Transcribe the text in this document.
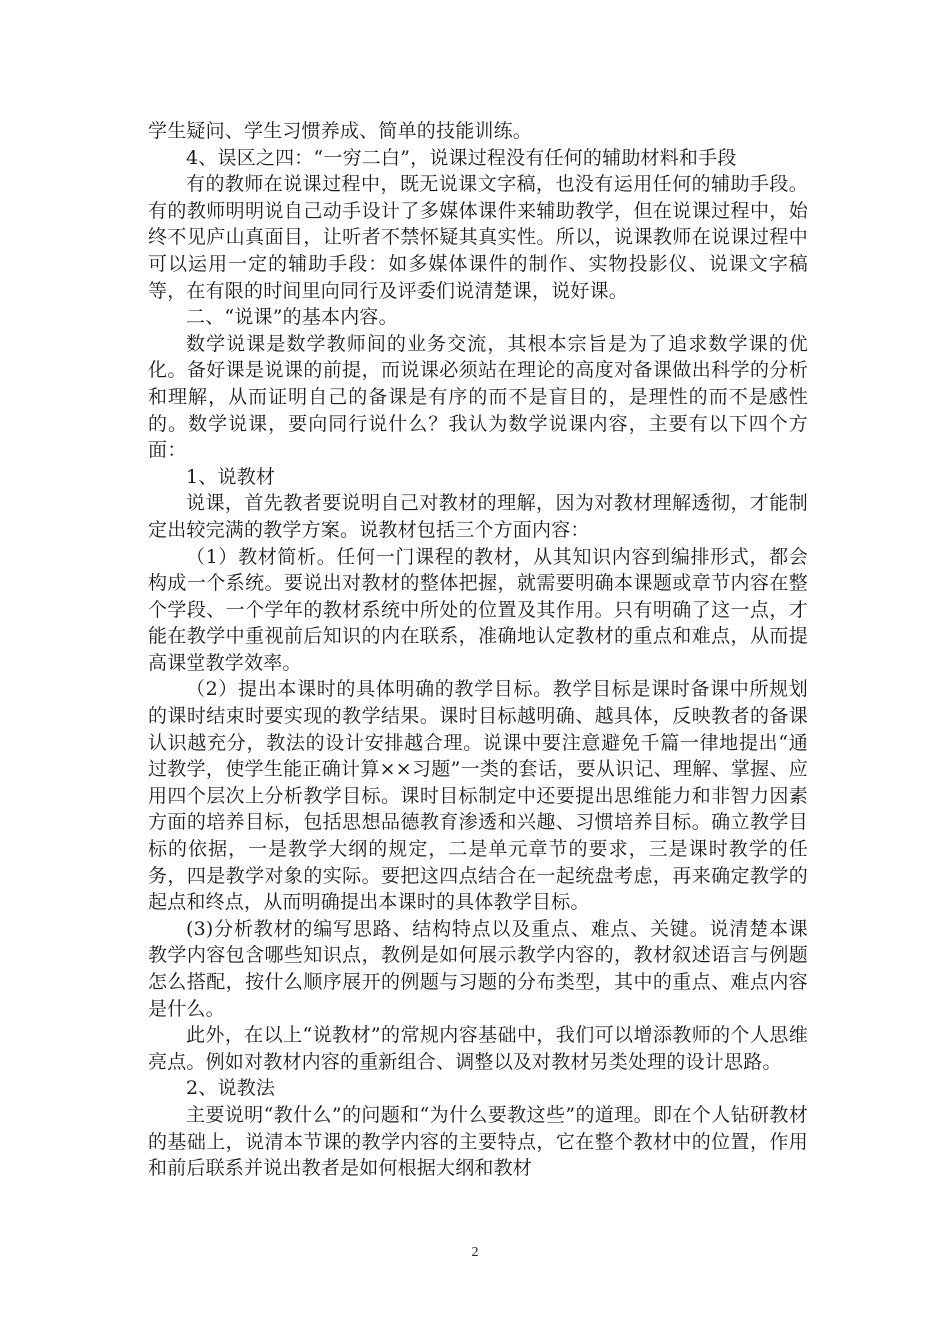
学生疑问、学生习惯养成、简单的技能训练。

4、误区之四：“一穷二白”，说课过程没有任何的辅助材料和手段

有的教师在说课过程中，既无说课文字稿，也没有运用任何的辅助手段。有的教师明明说自己动手设计了多媒体课件来辅助教学，但在说课过程中，始终不见庐山真面目，让听者不禁怀疑其真实性。所以，说课教师在说课过程中可以运用一定的辅助手段：如多媒体课件的制作、实物投影仪、说课文字稿等，在有限的时间里向同行及评委们说清楚课，说好课。

二、“说课”的基本内容。

数学说课是数学教师间的业务交流，其根本宗旨是为了追求数学课的优化。备好课是说课的前提，而说课必须站在理论的高度对备课做出科学的分析和理解，从而证明自己的备课是有序的而不是盲目的，是理性的而不是感性的。数学说课，要向同行说什么？我认为数学说课内容，主要有以下四个方面：

1、说教材

说课，首先教者要说明自己对教材的理解，因为对教材理解透彻，才能制定出较完满的教学方案。说教材包括三个方面内容：

（1）教材简析。任何一门课程的教材，从其知识内容到编排形式，都会构成一个系统。要说出对教材的整体把握，就需要明确本课题或章节内容在整个学段、一个学年的教材系统中所处的位置及其作用。只有明确了这一点，才能在教学中重视前后知识的内在联系，准确地认定教材的重点和难点，从而提高课堂教学效率。

（2）提出本课时的具体明确的教学目标。教学目标是课时备课中所规划的课时结束时要实现的教学结果。课时目标越明确、越具体，反映教者的备课认识越充分，教法的设计安排越合理。说课中要注意避免千篇一律地提出“通过教学，使学生能正确计算××习题”一类的套话，要从识记、理解、掌握、应用四个层次上分析教学目标。课时目标制定中还要提出思维能力和非智力因素方面的培养目标，包括思想品德教育渗透和兴趣、习惯培养目标。确立教学目标的依据，一是教学大纲的规定，二是单元章节的要求，三是课时教学的任务，四是教学对象的实际。要把这四点结合在一起统盘考虑，再来确定教学的起点和终点，从而明确提出本课时的具体教学目标。

(3)分析教材的编写思路、结构特点以及重点、难点、关键。说清楚本课教学内容包含哪些知识点，教例是如何展示教学内容的，教材叙述语言与例题怎么搭配，按什么顺序展开的例题与习题的分布类型，其中的重点、难点内容是什么。

此外，在以上“说教材”的常规内容基础中，我们可以增添教师的个人思维亮点。例如对教材内容的重新组合、调整以及对教材另类处理的设计思路。

2、说教法

主要说明“教什么”的问题和“为什么要教这些”的道理。即在个人钻研教材的基础上，说清本节课的教学内容的主要特点，它在整个教材中的位置，作用和前后联系并说出教者是如何根据大纲和教材

2
